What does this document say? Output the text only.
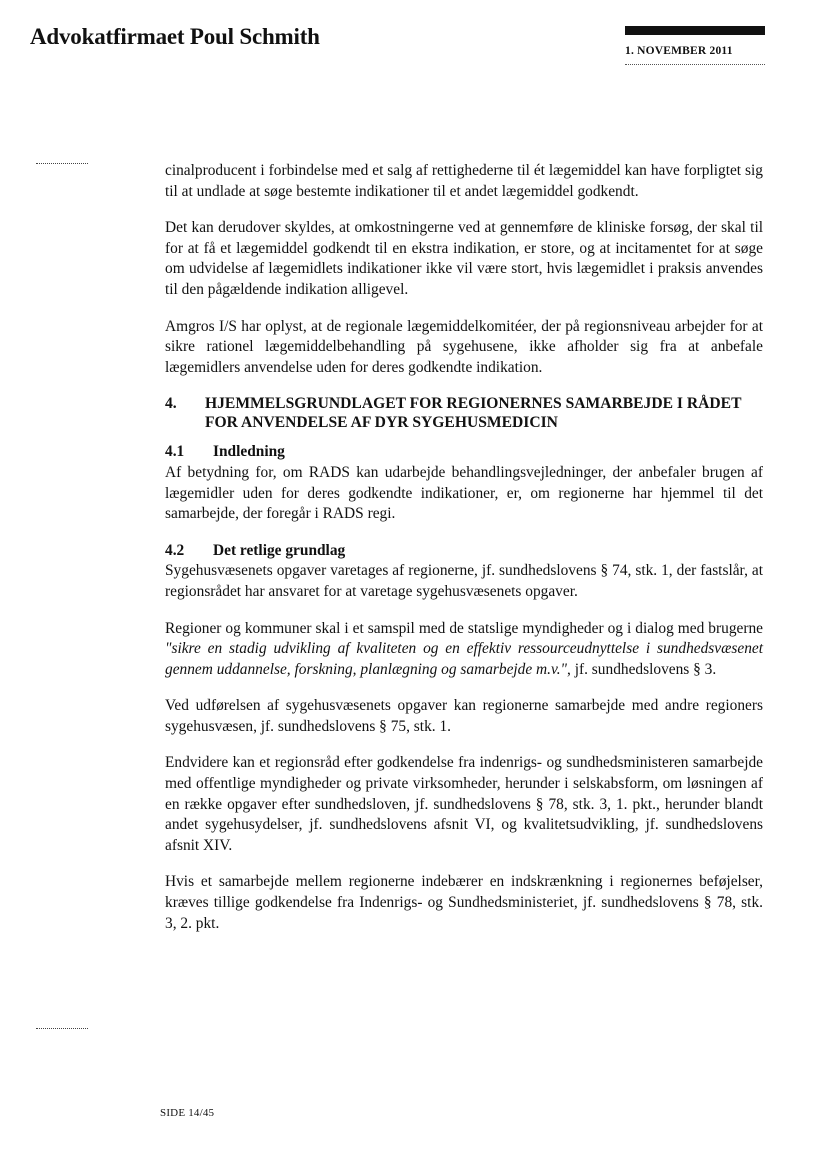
Advokatfirmaet Poul Schmith
1. NOVEMBER 2011

cinalproducent i forbindelse med et salg af rettighederne til ét lægemiddel kan have forpligtet sig til at undlade at søge bestemte indikationer til et andet lægemiddel godkendt.

Det kan derudover skyldes, at omkostningerne ved at gennemføre de kliniske forsøg, der skal til for at få et lægemiddel godkendt til en ekstra indikation, er store, og at incitamentet for at søge om udvidelse af lægemidlets indikationer ikke vil være stort, hvis lægemidlet i praksis anvendes til den pågældende indikation alligevel.

Amgros I/S har oplyst, at de regionale lægemiddelkomitéer, der på regionsniveau arbejder for at sikre rationel lægemiddelbehandling på sygehusene, ikke afholder sig fra at anbefale lægemidlers anvendelse uden for deres godkendte indikation.

4.	HJEMMELSGRUNDLAGET FOR REGIONERNES SAMARBEJDE I RÅDET FOR ANVENDELSE AF DYR SYGEHUSMEDICIN
4.1	Indledning

Af betydning for, om RADS kan udarbejde behandlingsvejledninger, der anbefaler brugen af lægemidler uden for deres godkendte indikationer, er, om regionerne har hjemmel til det samarbejde, der foregår i RADS regi.

4.2	Det retlige grundlag

Sygehusvæsenets opgaver varetages af regionerne, jf. sundhedslovens § 74, stk. 1, der fastslår, at regionsrådet har ansvaret for at varetage sygehusvæsenets opgaver.

Regioner og kommuner skal i et samspil med de statslige myndigheder og i dialog med brugerne "sikre en stadig udvikling af kvaliteten og en effektiv ressourceudnyttelse i sundhedsvæsenet gennem uddannelse, forskning, planlægning og samarbejde m.v.", jf. sundhedslovens § 3.

Ved udførelsen af sygehusvæsenets opgaver kan regionerne samarbejde med andre regioners sygehusvæsen, jf. sundhedslovens § 75, stk. 1.

Endvidere kan et regionsråd efter godkendelse fra indenrigs- og sundhedsministeren samarbejde med offentlige myndigheder og private virksomheder, herunder i selskabsform, om løsningen af en række opgaver efter sundhedsloven, jf. sundhedslovens § 78, stk. 3, 1. pkt., herunder blandt andet sygehusydelser, jf. sundhedslovens afsnit VI, og kvalitetsudvikling, jf. sundhedslovens afsnit XIV.

Hvis et samarbejde mellem regionerne indebærer en indskrænkning i regionernes beføjelser, kræves tillige godkendelse fra Indenrigs- og Sundhedsministeriet, jf. sundhedslovens § 78, stk. 3, 2. pkt.

SIDE 14/45
